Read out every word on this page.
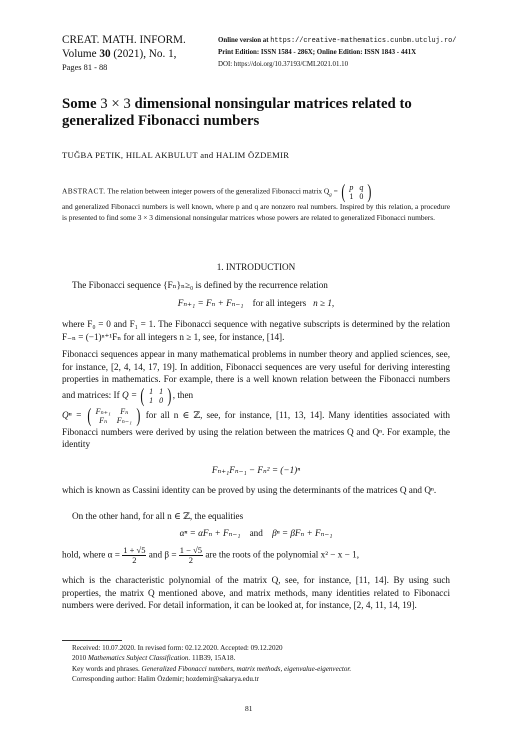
CREAT. MATH. INFORM.
Volume 30 (2021), No. 1,
Pages 81 - 88
Online version at https://creative-mathematics.cunbm.utcluj.ro/
Print Edition: ISSN 1584 - 286X; Online Edition: ISSN 1843 - 441X
DOI: https://doi.org/10.37193/CMI.2021.01.10
Some 3 × 3 dimensional nonsingular matrices related to
generalized Fibonacci numbers
TUĞBA PETIK, HILAL AKBULUT and HALIM ÖZDEMIR
ABSTRACT. The relation between integer powers of the generalized Fibonacci matrix $Q_g$ = ( p	q
1	0 )
and generalized Fibonacci numbers is well known, where p and q are nonzero real numbers. Inspired by this relation, a procedure is presented to find some 3 × 3 dimensional nonsingular matrices whose powers are related to generalized Fibonacci numbers.
1. INTRODUCTION
The Fibonacci sequence {Fₙ}ₙ≥₀ is defined by the recurrence relation
Fₙ₊₁ = Fₙ + Fₙ₋₁ for all integers n ≥ 1,
where F₀ = 0 and F₁ = 1. The Fibonacci sequence with negative subscripts is determined by the relation F₋ₙ = (−1)ⁿ⁺¹Fₙ for all integers n ≥ 1, see, for instance, [14].
Fibonacci sequences appear in many mathematical problems in number theory and applied sciences, see, for instance, [2, 4, 14, 17, 19]. In addition, Fibonacci sequences are very useful for deriving interesting properties in mathematics. For example, there is a well known relation between the Fibonacci numbers and matrices: If Q = ( 1	1
1	0 ), then
Qⁿ = ( Fₙ₊₁	Fₙ
Fₙ	Fₙ₋₁ ) for all n ∈ ℤ, see, for instance, [11, 13, 14]. Many identities associated with Fibonacci numbers were derived by using the relation between the matrices Q and Qⁿ. For example, the identity
Fₙ₊₁Fₙ₋₁ − Fₙ² = (−1)ⁿ
which is known as Cassini identity can be proved by using the determinants of the matrices Q and Qⁿ.
On the other hand, for all n ∈ ℤ, the equalities
αⁿ = αFₙ + Fₙ₋₁ and βⁿ = βFₙ + Fₙ₋₁
hold, where $\alpha = \frac{1 + √5}{2}$ and $\beta = \frac{1 - √5}{2}$ are the roots of the polynomial x² − x − 1,
which is the characteristic polynomial of the matrix Q, see, for instance, [11, 14]. By using such properties, the matrix Q mentioned above, and matrix methods, many identities related to Fibonacci numbers were derived. For detail information, it can be looked at, for instance, [2, 4, 11, 14, 19].
Received: 10.07.2020. In revised form: 02.12.2020. Accepted: 09.12.2020
2010 Mathematics Subject Classification. 11B39, 15A18.
Key words and phrases. Generalized Fibonacci numbers, matrix methods, eigenvalue-eigenvector.
Corresponding author: Halim Özdemir; hozdemir@sakarya.edu.tr
81
